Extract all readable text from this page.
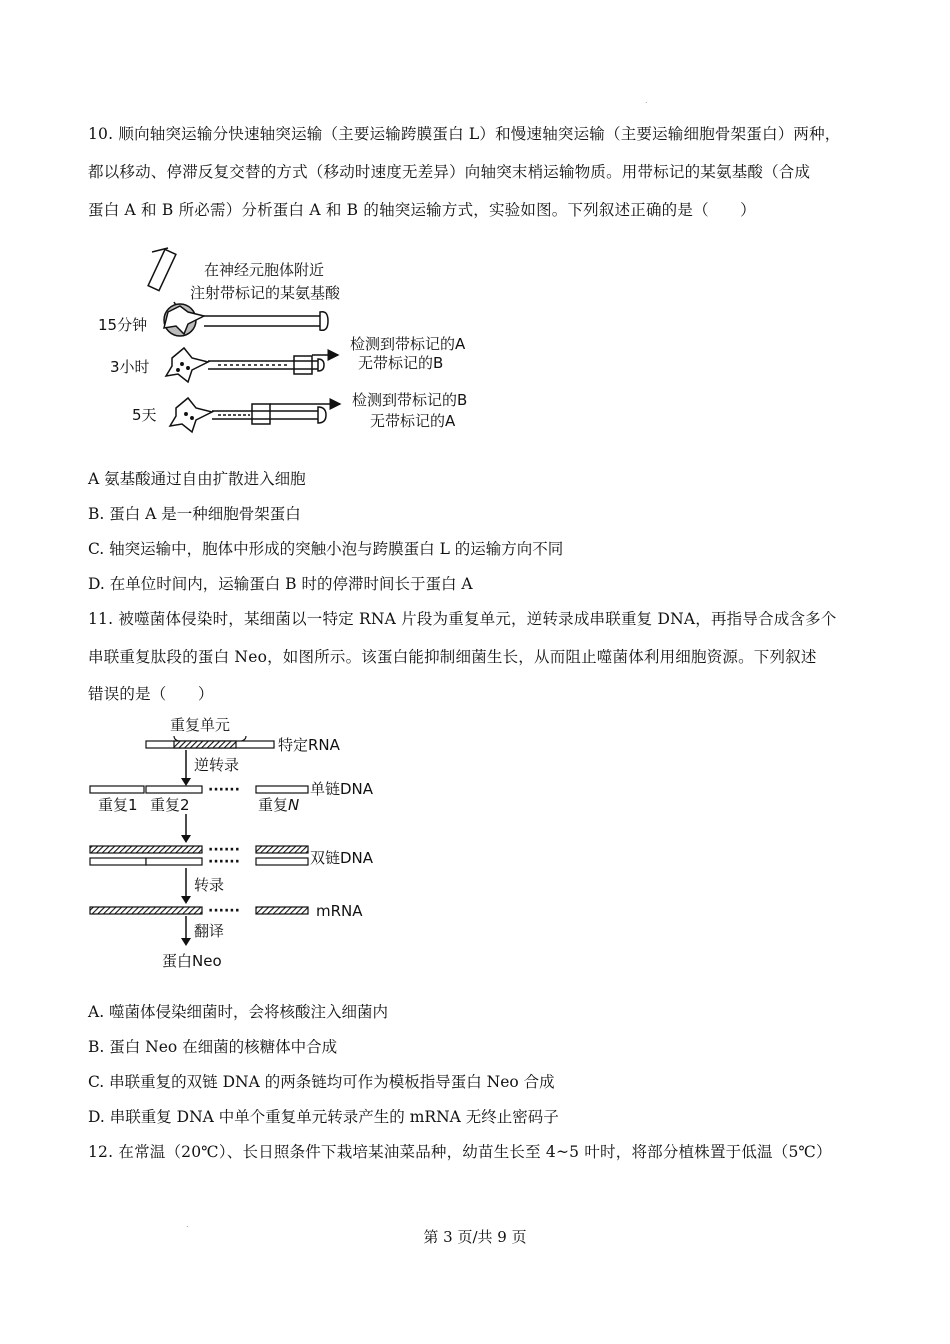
.
10. 顺向轴突运输分快速轴突运输（主要运输跨膜蛋白 L）和慢速轴突运输（主要运输细胞骨架蛋白）两种，
都以移动、停滞反复交替的方式（移动时速度无差异）向轴突末梢运输物质。用带标记的某氨基酸（合成
蛋白 A 和 B 所必需）分析蛋白 A 和 B 的轴突运输方式，实验如图。下列叙述正确的是（　　）
在神经元胞体附近
注射带标记的某氨基酸
15分钟
3小时
检测到带标记的A
无带标记的B
5天
检测到带标记的B
无带标记的A
A 氨基酸通过自由扩散进入细胞
B. 蛋白 A 是一种细胞骨架蛋白
C. 轴突运输中，胞体中形成的突触小泡与跨膜蛋白 L 的运输方向不同
D. 在单位时间内，运输蛋白 B 时的停滞时间长于蛋白 A
11. 被噬菌体侵染时，某细菌以一特定 RNA 片段为重复单元，逆转录成串联重复 DNA，再指导合成含多个
串联重复肽段的蛋白 Neo，如图所示。该蛋白能抑制细菌生长，从而阻止噬菌体利用细胞资源。下列叙述
错误的是（　　）
重复单元
特定RNA
逆转录
······	单链DNA
重复1 重复2	重复N
······
······	双链DNA
转录
······	mRNA
翻译
蛋白Neo
A. 噬菌体侵染细菌时，会将核酸注入细菌内
B. 蛋白 Neo 在细菌的核糖体中合成
C. 串联重复的双链 DNA 的两条链均可作为模板指导蛋白 Neo 合成
D. 串联重复 DNA 中单个重复单元转录产生的 mRNA 无终止密码子
12. 在常温（20℃）、长日照条件下栽培某油菜品种，幼苗生长至 4~5 叶时，将部分植株置于低温（5℃）
.
第 3 页/共 9 页
